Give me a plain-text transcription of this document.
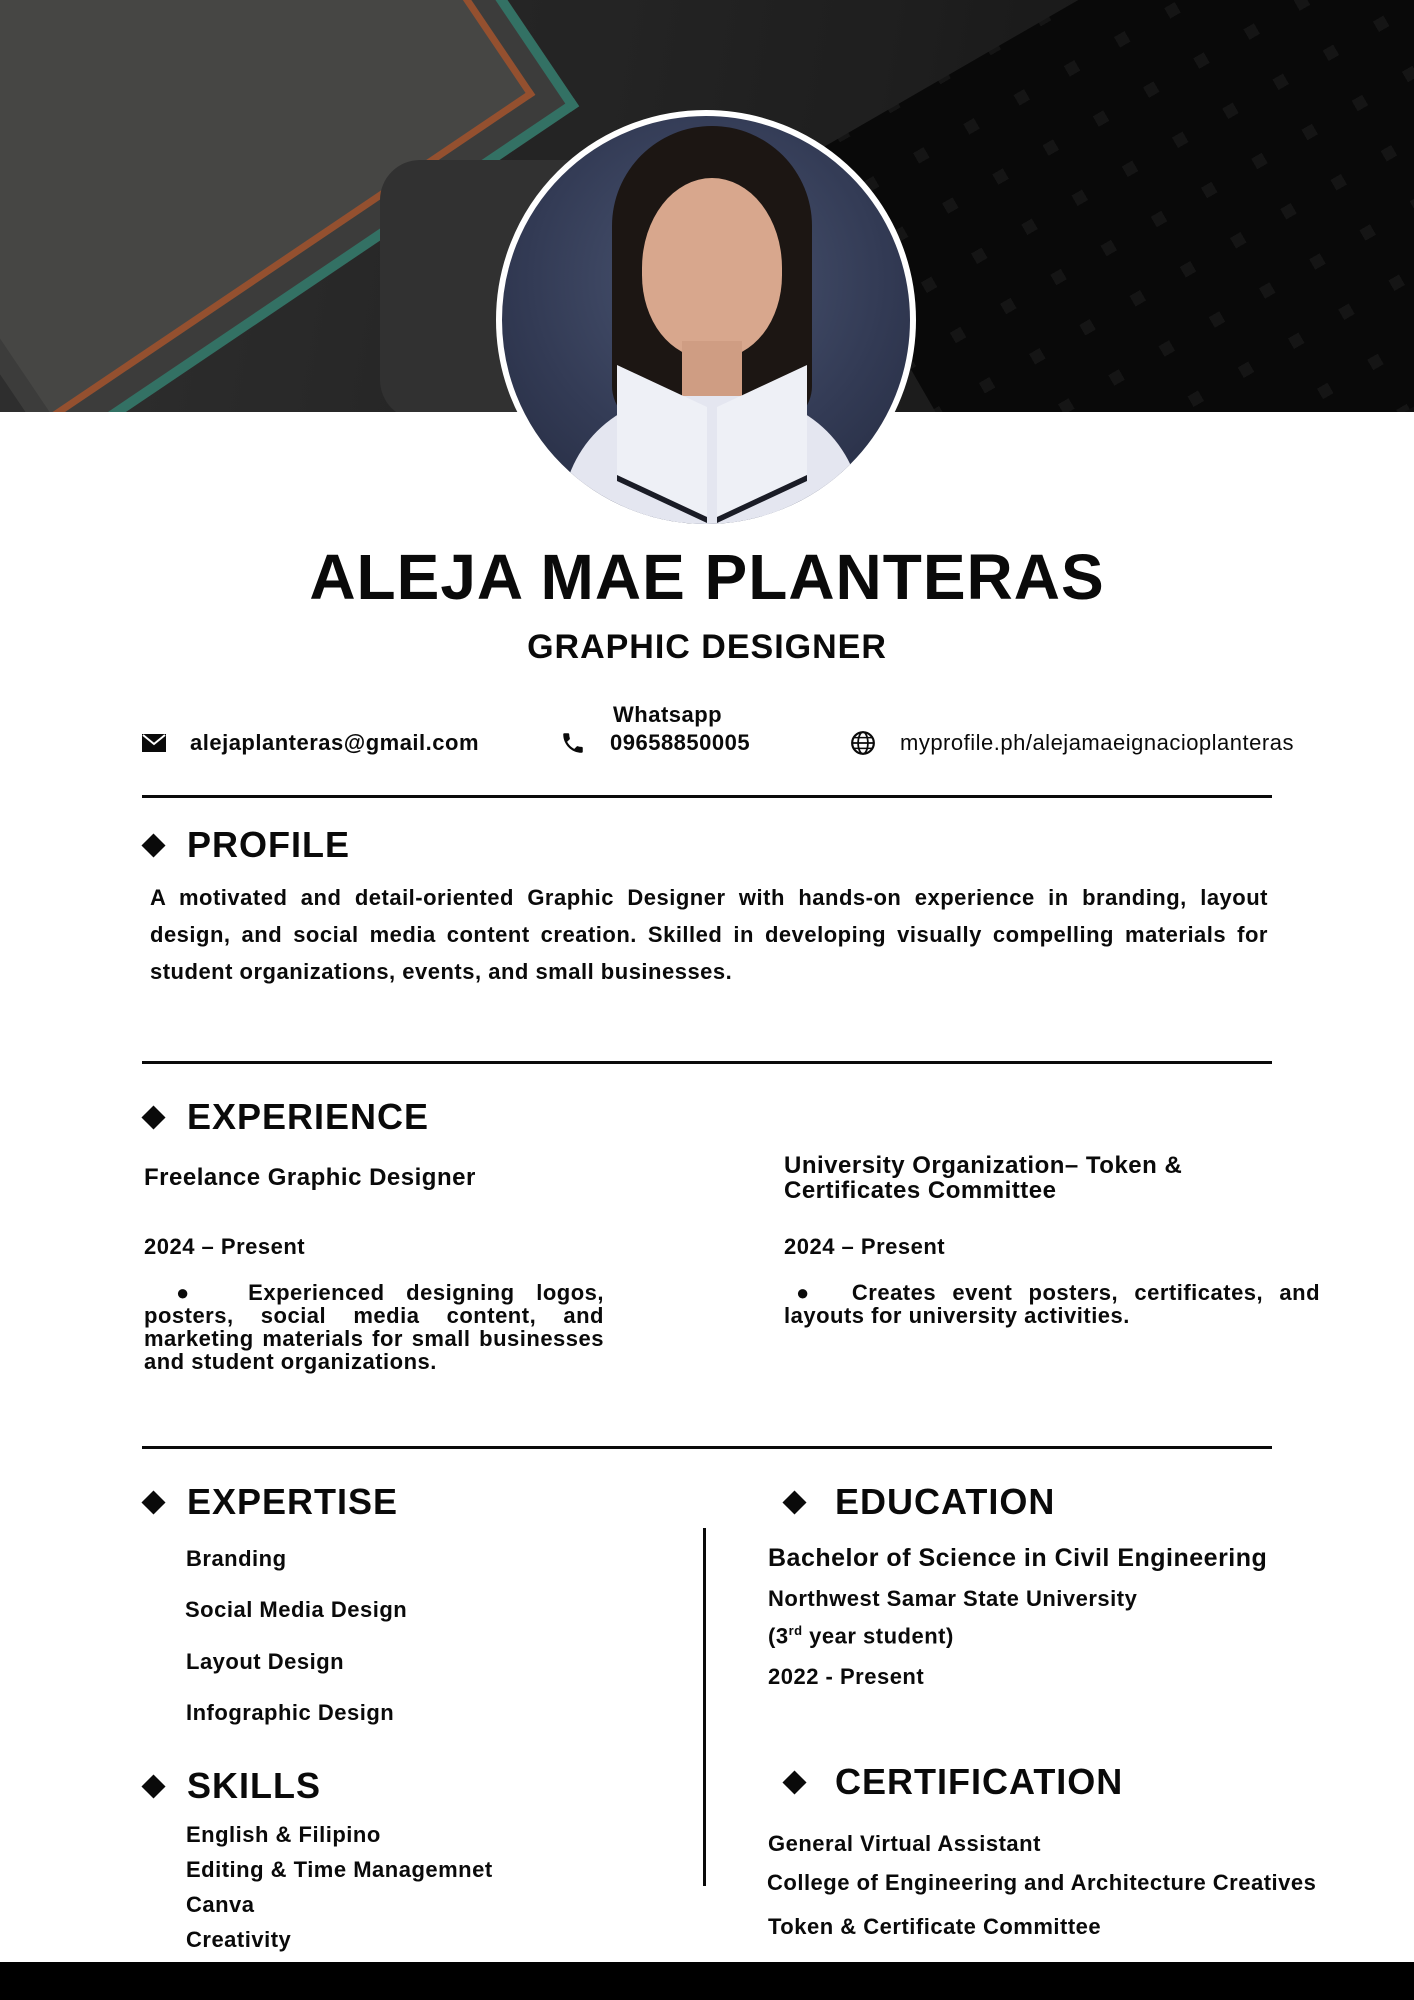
ALEJA MAE PLANTERAS
GRAPHIC DESIGNER
alejaplanteras@gmail.com
Whatsapp
09658850005	myprofile.ph/alejamaeignacioplanteras
PROFILE
A motivated and detail-oriented Graphic Designer with hands-on experience in branding, layout design, and social media content creation. Skilled in developing visually compelling materials for student organizations, events, and small businesses.
EXPERIENCE
Freelance Graphic Designer
2024 – Present
●  Experienced designing logos, posters, social media content, and marketing materials for small businesses and student organizations.
University Organization– Token & Certificates Committee
2024 – Present
●  Creates event posters, certificates, and layouts for university activities.
EXPERTISE
Branding
Social Media Design
Layout Design
Infographic Design
SKILLS
English & Filipino
Editing & Time Managemnet
Canva
Creativity
EDUCATION
Bachelor of Science in Civil Engineering
Northwest Samar State University
(3rd year student)
2022 - Present
CERTIFICATION
General Virtual Assistant
College of Engineering and Architecture Creatives
Token & Certificate Committee
